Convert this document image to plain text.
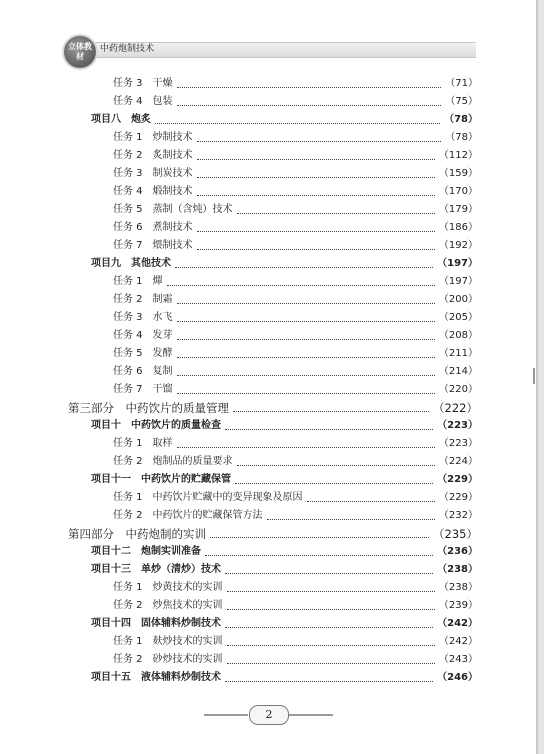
立体教材
中药炮制技术
任务 3　干燥	（71）
任务 4　包装	（75）
项目八　炮炙	（78）
任务 1　炒制技术	（78）
任务 2　炙制技术	（112）
任务 3　制炭技术	（159）
任务 4　煅制技术	（170）
任务 5　蒸制（含炖）技术	（179）
任务 6　煮制技术	（186）
任务 7　煨制技术	（192）
项目九　其他技术	（197）
任务 1　燀	（197）
任务 2　制霜	（200）
任务 3　水飞	（205）
任务 4　发芽	（208）
任务 5　发酵	（211）
任务 6　复制	（214）
任务 7　干馏	（220）
第三部分　中药饮片的质量管理	（222）
项目十　中药饮片的质量检查	（223）
任务 1　取样	（223）
任务 2　炮制品的质量要求	（224）
项目十一　中药饮片的贮藏保管	（229）
任务 1　中药饮片贮藏中的变异现象及原因	（229）
任务 2　中药饮片的贮藏保管方法	（232）
第四部分　中药炮制的实训	（235）
项目十二　炮制实训准备	（236）
项目十三　单炒（清炒）技术	（238）
任务 1　炒黄技术的实训	（238）
任务 2　炒焦技术的实训	（239）
项目十四　固体辅料炒制技术	（242）
任务 1　麸炒技术的实训	（242）
任务 2　砂炒技术的实训	（243）
项目十五　液体辅料炒制技术	（246）
2
